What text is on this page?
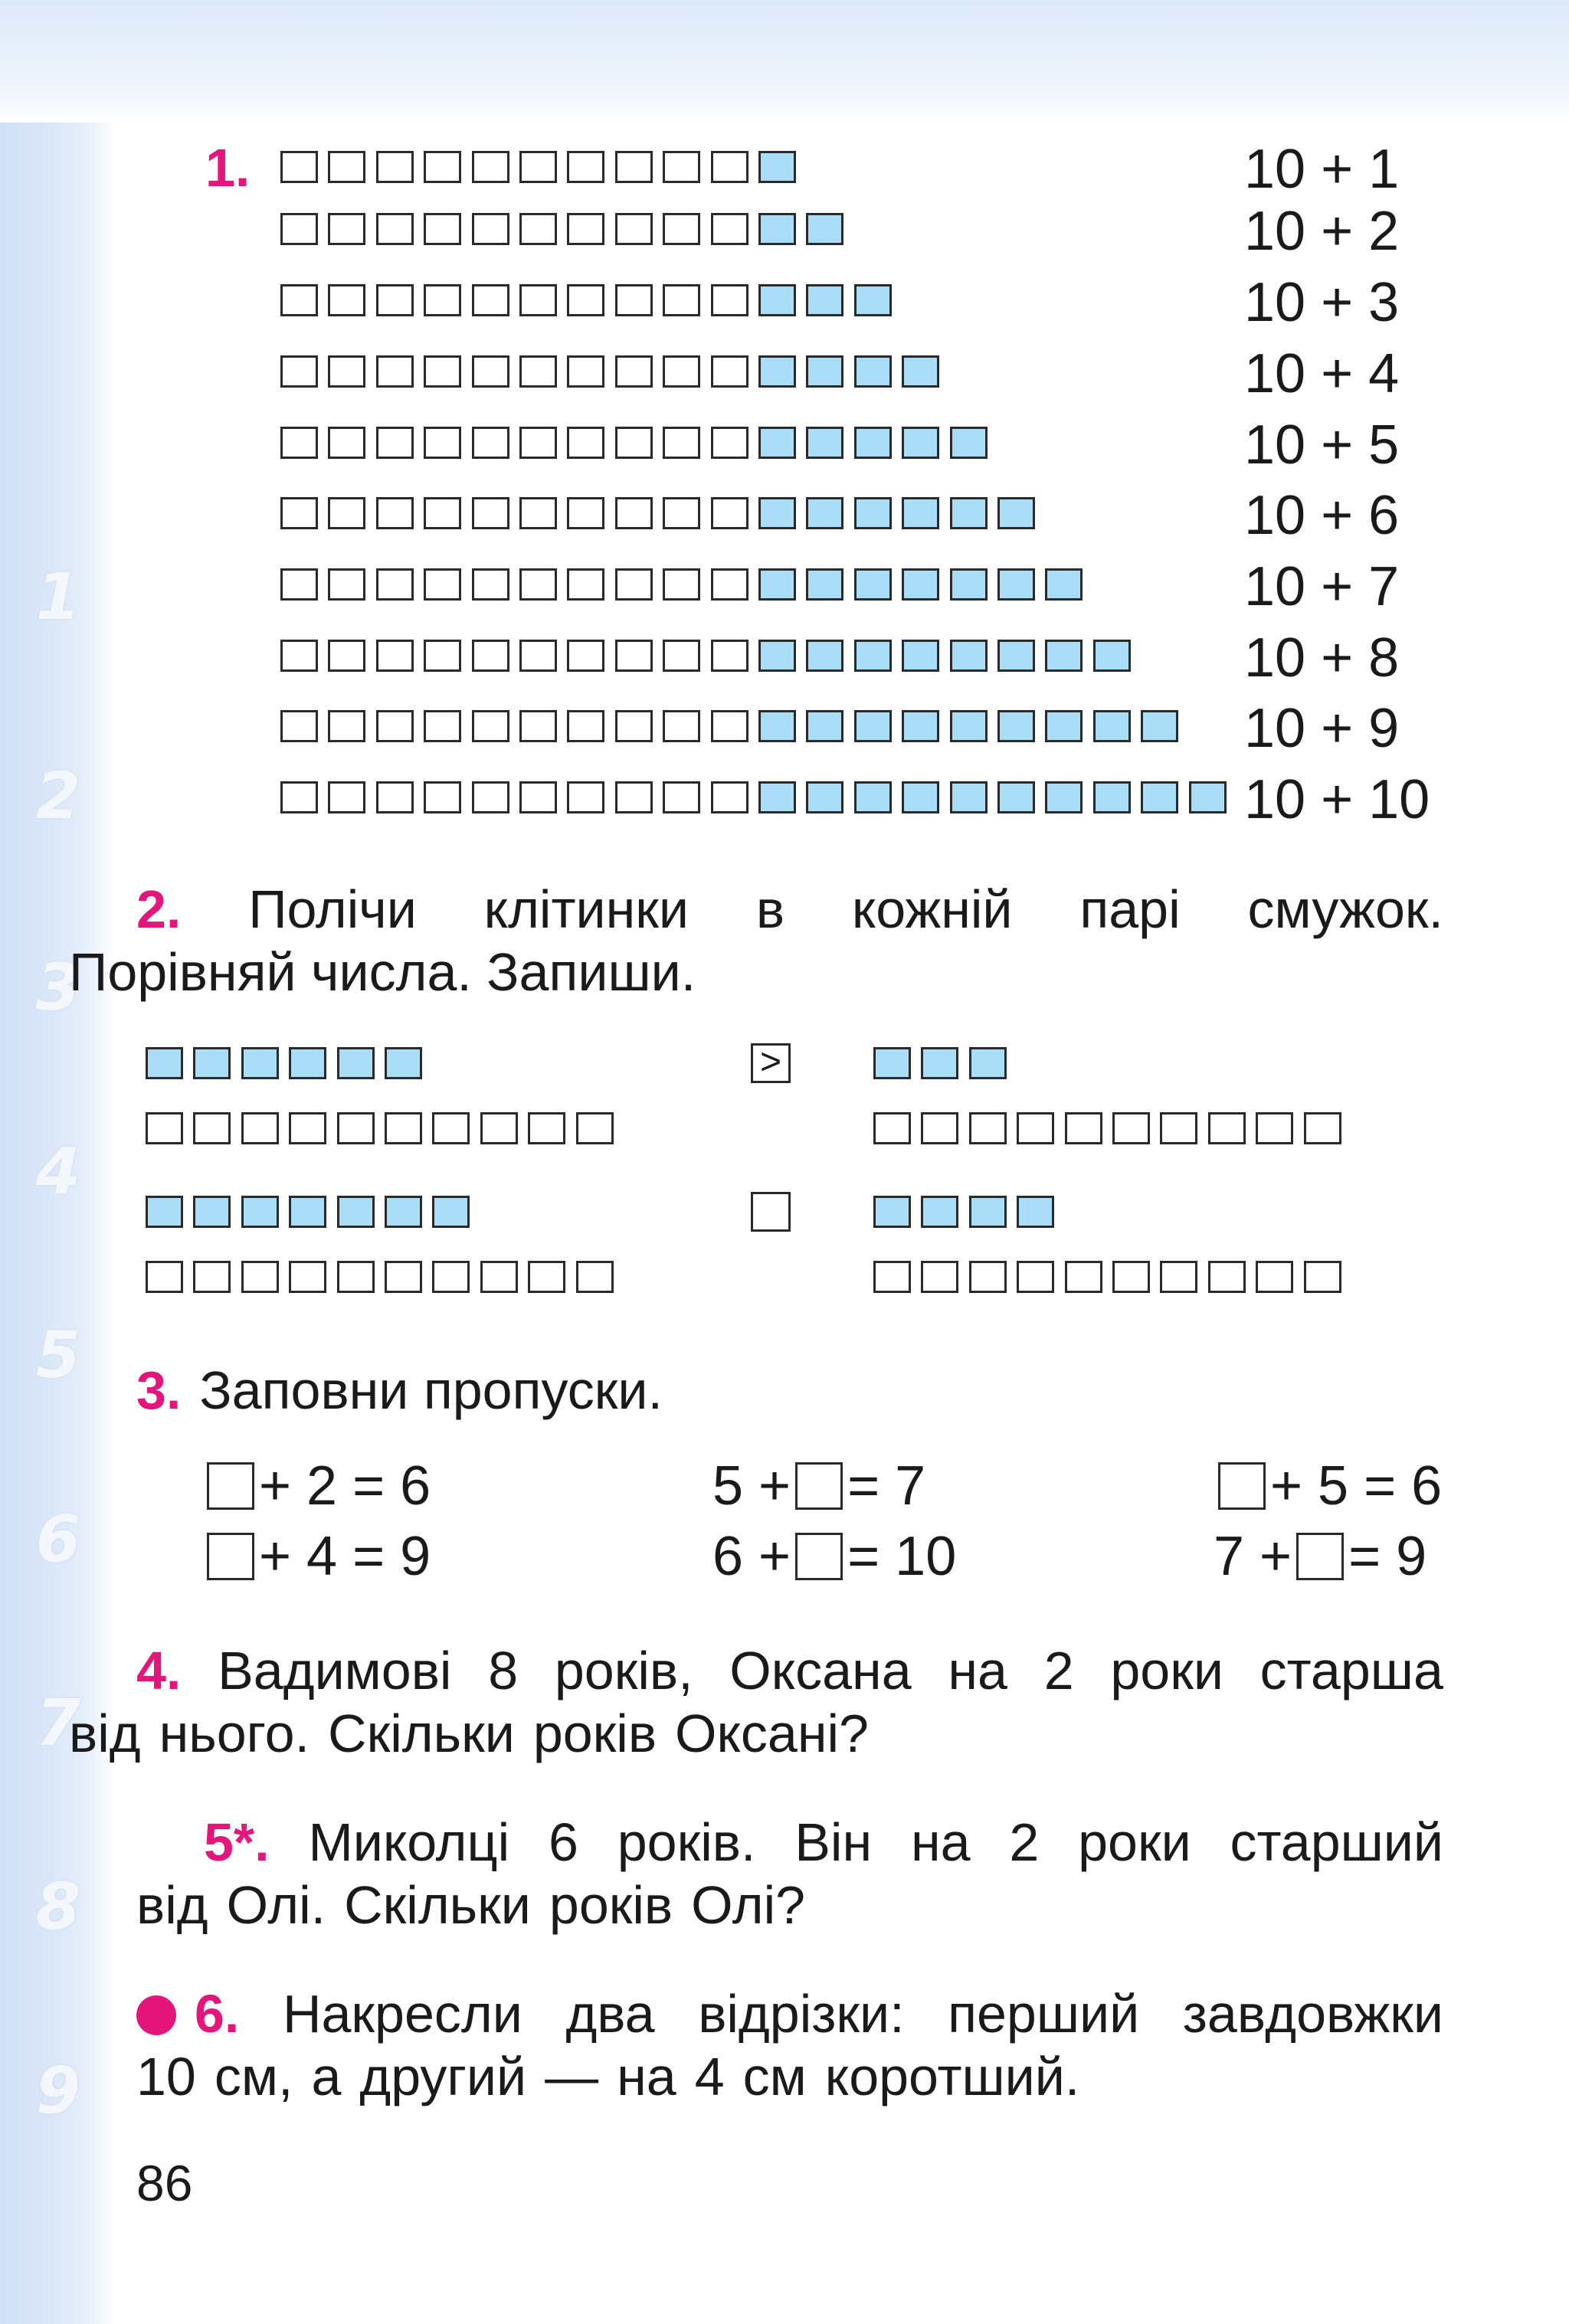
1
2
3
4
5
6
7
8
9
1.	10 + 1
10 + 2
10 + 3
10 + 4
10 + 5
10 + 6
10 + 7
10 + 8
10 + 9
10 + 10
2. Полічи клітинки в кожній парі смужок.
Порівняй числа. Запиши.
>
3. Заповни пропуски.
+ 2 = 6	5 + = 7	+ 5 = 6
+ 4 = 9	6 + = 10	7 + = 9
4. Вадимові 8 років, Оксана на 2 роки старша
від нього. Скільки років Оксані?
5*. Миколці 6 років. Він на 2 роки старший
від Олі. Скільки років Олі?
6. Накресли два відрізки: перший завдовжки
10 см, а другий — на 4 см коротший.
86
